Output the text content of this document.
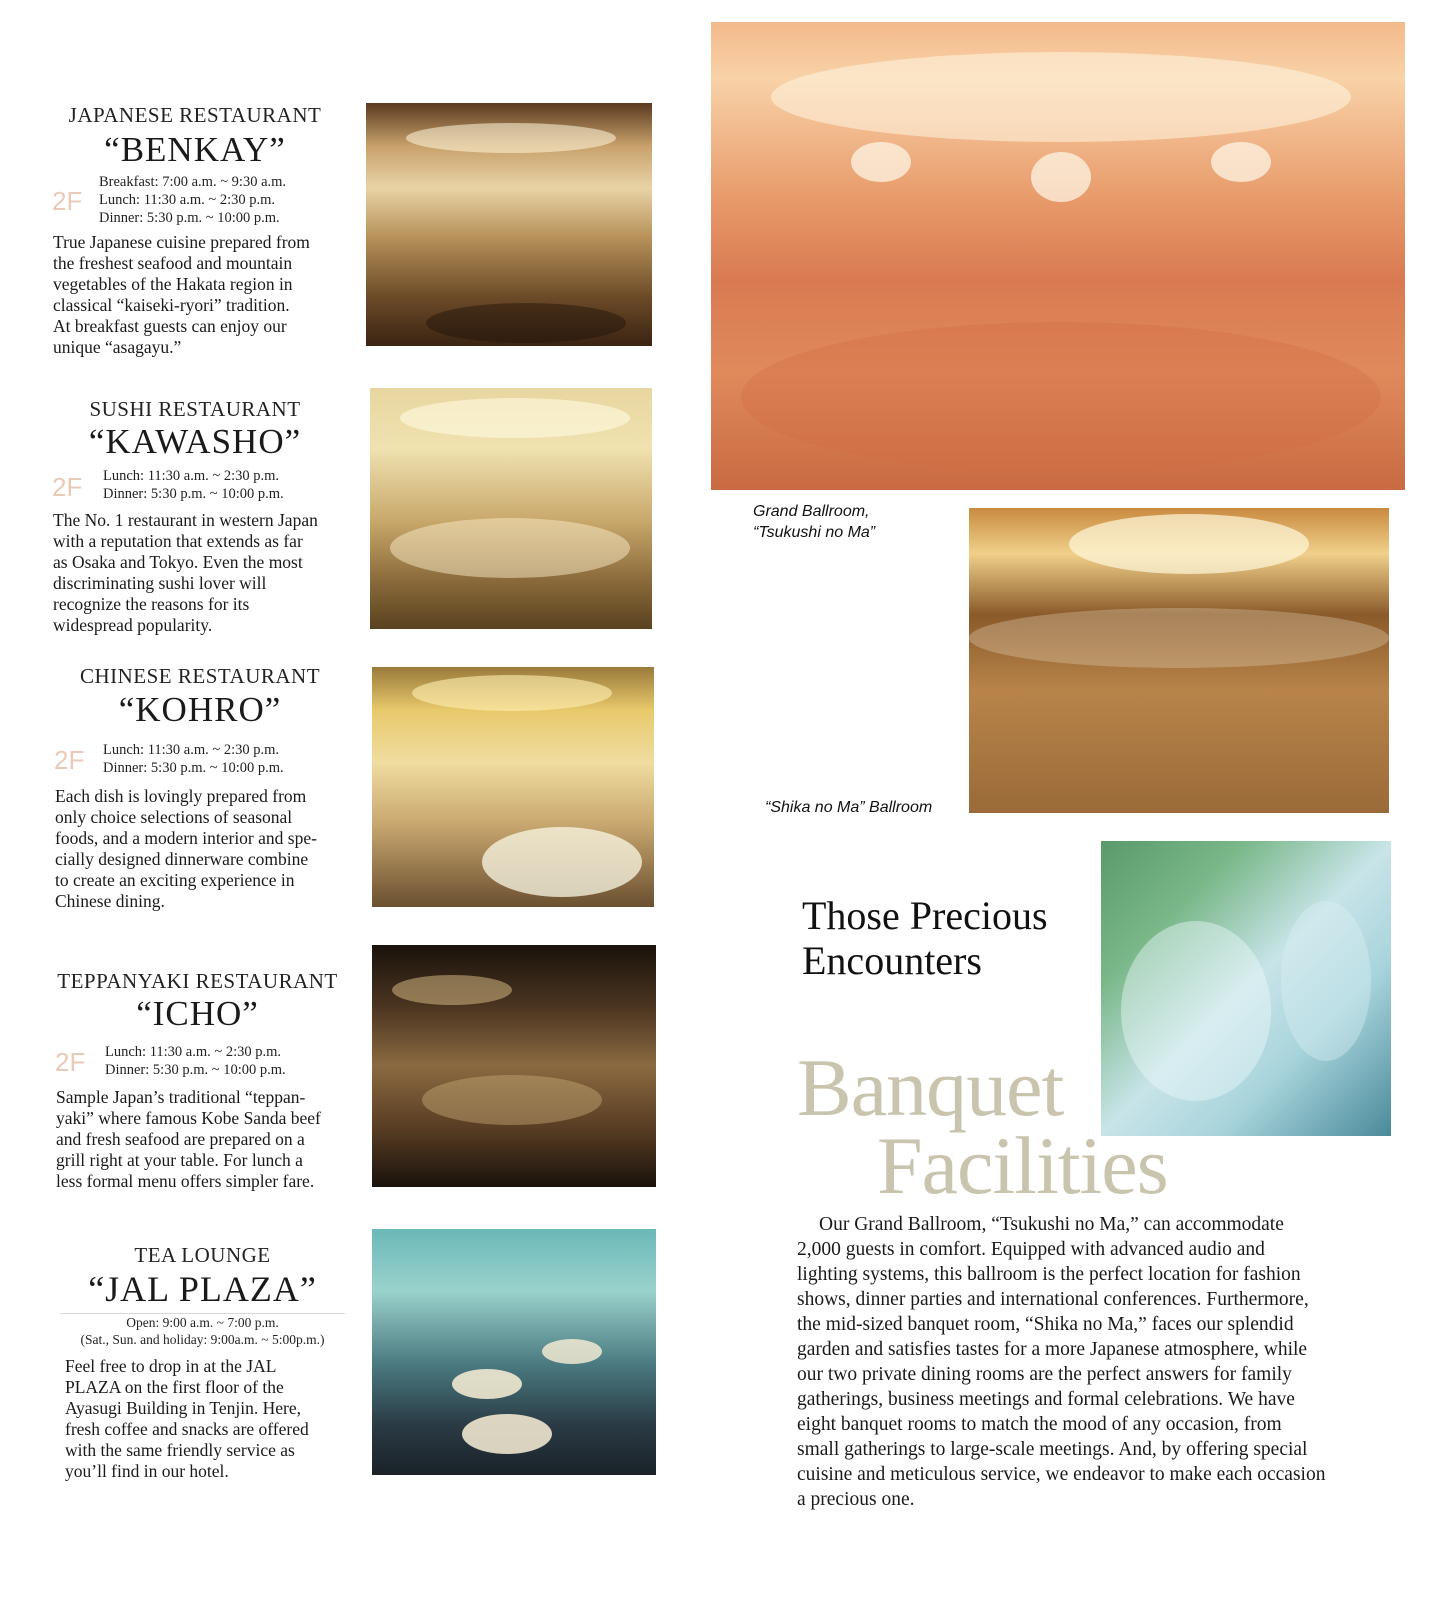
JAPANESE RESTAURANT
“BENKAY”
2F
Breakfast: 7:00 a.m. ~ 9:30 a.m.
Lunch: 11:30 a.m. ~ 2:30 p.m.
Dinner: 5:30 p.m. ~ 10:00 p.m.
True Japanese cuisine prepared from
the freshest seafood and mountain
vegetables of the Hakata region in
classical “kaiseki-ryori” tradition.
At breakfast guests can enjoy our
unique “asagayu.”
SUSHI RESTAURANT
“KAWASHO”
2F Lunch: 11:30 a.m. ~ 2:30 p.m.
Dinner: 5:30 p.m. ~ 10:00 p.m.
The No. 1 restaurant in western Japan
with a reputation that extends as far
as Osaka and Tokyo. Even the most
discriminating sushi lover will
recognize the reasons for its
widespread popularity.
CHINESE RESTAURANT
“KOHRO”
2F Lunch: 11:30 a.m. ~ 2:30 p.m.
Dinner: 5:30 p.m. ~ 10:00 p.m.
Each dish is lovingly prepared from
only choice selections of seasonal
foods, and a modern interior and spe-
cially designed dinnerware combine
to create an exciting experience in
Chinese dining.
TEPPANYAKI RESTAURANT
“ICHO”
2F Lunch: 11:30 a.m. ~ 2:30 p.m.
Dinner: 5:30 p.m. ~ 10:00 p.m.
Sample Japan’s traditional “teppan-
yaki” where famous Kobe Sanda beef
and fresh seafood are prepared on a
grill right at your table. For lunch a
less formal menu offers simpler fare.
TEA LOUNGE
“JAL PLAZA”
Open: 9:00 a.m. ~ 7:00 p.m.
(Sat., Sun. and holiday: 9:00a.m. ~ 5:00p.m.)
Feel free to drop in at the JAL
PLAZA on the first floor of the
Ayasugi Building in Tenjin. Here,
fresh coffee and snacks are offered
with the same friendly service as
you’ll find in our hotel.
Grand Ballroom,
“Tsukushi no Ma”
“Shika no Ma” Ballroom
Those Precious
Encounters
Banquet
Facilities
Our Grand Ballroom, “Tsukushi no Ma,” can accommodate
2,000 guests in comfort. Equipped with advanced audio and
lighting systems, this ballroom is the perfect location for fashion
shows, dinner parties and international conferences. Furthermore,
the mid-sized banquet room, “Shika no Ma,” faces our splendid
garden and satisfies tastes for a more Japanese atmosphere, while
our two private dining rooms are the perfect answers for family
gatherings, business meetings and formal celebrations. We have
eight banquet rooms to match the mood of any occasion, from
small gatherings to large-scale meetings. And, by offering special
cuisine and meticulous service, we endeavor to make each occasion
a precious one.
